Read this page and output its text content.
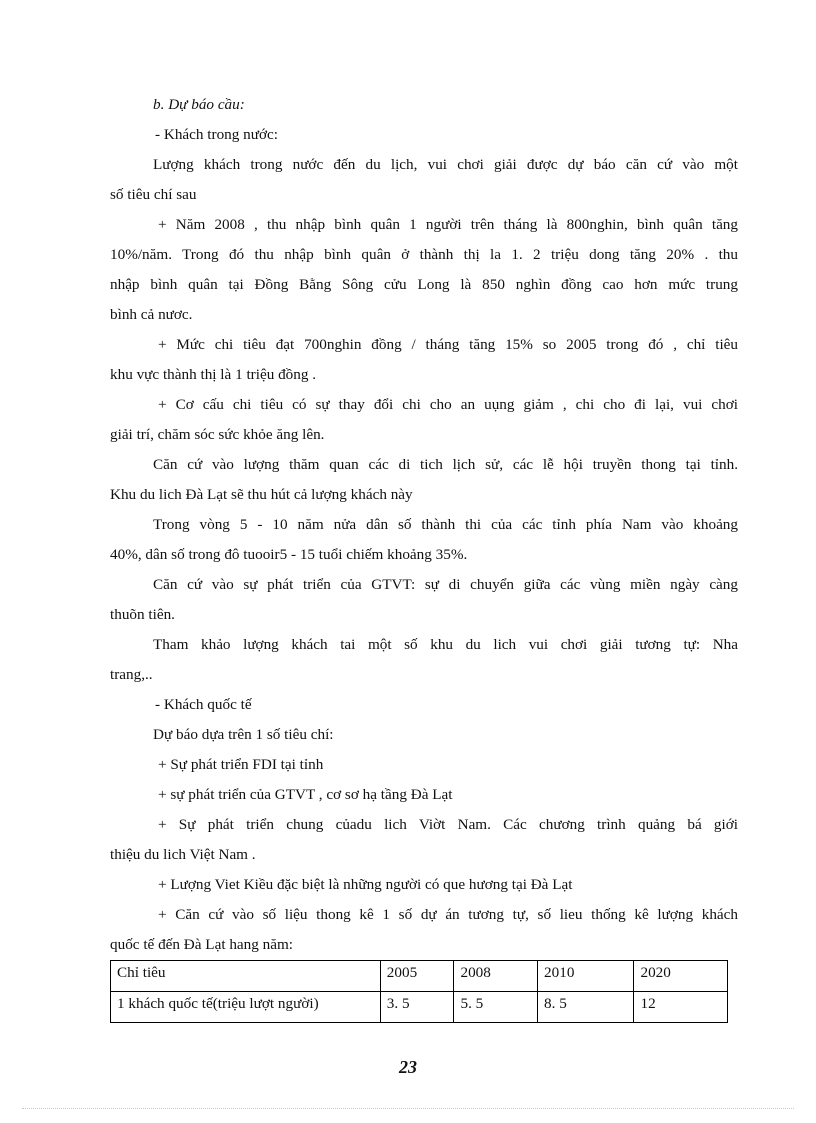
b. Dự báo cầu:
- Khách trong nước:
Lượng khách trong nước đến du lịch, vui chơi giải được dự báo căn cứ vào một
số tiêu chí sau
+ Năm 2008 , thu nhập bình quân 1 người trên tháng là 800nghin, bình quân tăng
10%/năm. Trong đó thu nhập bình quân ở thành thị la 1. 2 triệu dong tăng 20% . thu
nhập bình quân tại Đồng Bằng Sông cửu Long là 850 nghìn đồng cao hơn mức trung
bình cả nươc.
+ Mức chi tiêu đạt 700nghin đồng / tháng tăng 15% so 2005 trong đó , chỉ tiêu
khu vực thành thị là 1 triệu đồng .
+ Cơ cấu chi tiêu có sự thay đổi chi cho an uụng giảm , chi cho đi lại, vui chơi
giải trí, chăm sóc sức khỏe ăng lên.
Căn cứ vào lượng thăm quan các di tich lịch sử, các lễ hội truyền thong tại tỉnh.
Khu du lich Đà Lạt sẽ thu hút cả lượng khách này
Trong vòng 5 - 10 năm nửa dân số thành thi của các tỉnh phía Nam vào khoảng
40%, dân số trong đô tuooir5 - 15 tuổi chiếm khoảng 35%.
Căn cứ vào sự phát triển của GTVT: sự di chuyển giữa các vùng miền ngày càng
thuõn tiên.
Tham khảo lượng khách tai một số khu du lich vui chơi giải tương tự: Nha
trang,..
- Khách quốc tế
Dự báo dựa trên 1 số tiêu chí:
+ Sự phát triển FDI tại tỉnh
+ sự phát triển của GTVT , cơ sơ hạ tầng Đà Lạt
+ Sự phát triển chung củadu lich Viờt Nam. Các chương trình quảng bá giới
thiệu du lich Việt Nam .
+ Lượng Viet Kiều đặc biệt là những người có que hương tại Đà Lạt
+ Căn cứ vào số liệu thong kê 1 số dự án tương tự, số lieu thống kê lượng khách
quốc tế đến Đà Lạt hang năm:
Chỉ tiêu	2005	2008	2010	2020
1 khách quốc tế(triệu lượt người)	3. 5	5. 5	8. 5	12
23
